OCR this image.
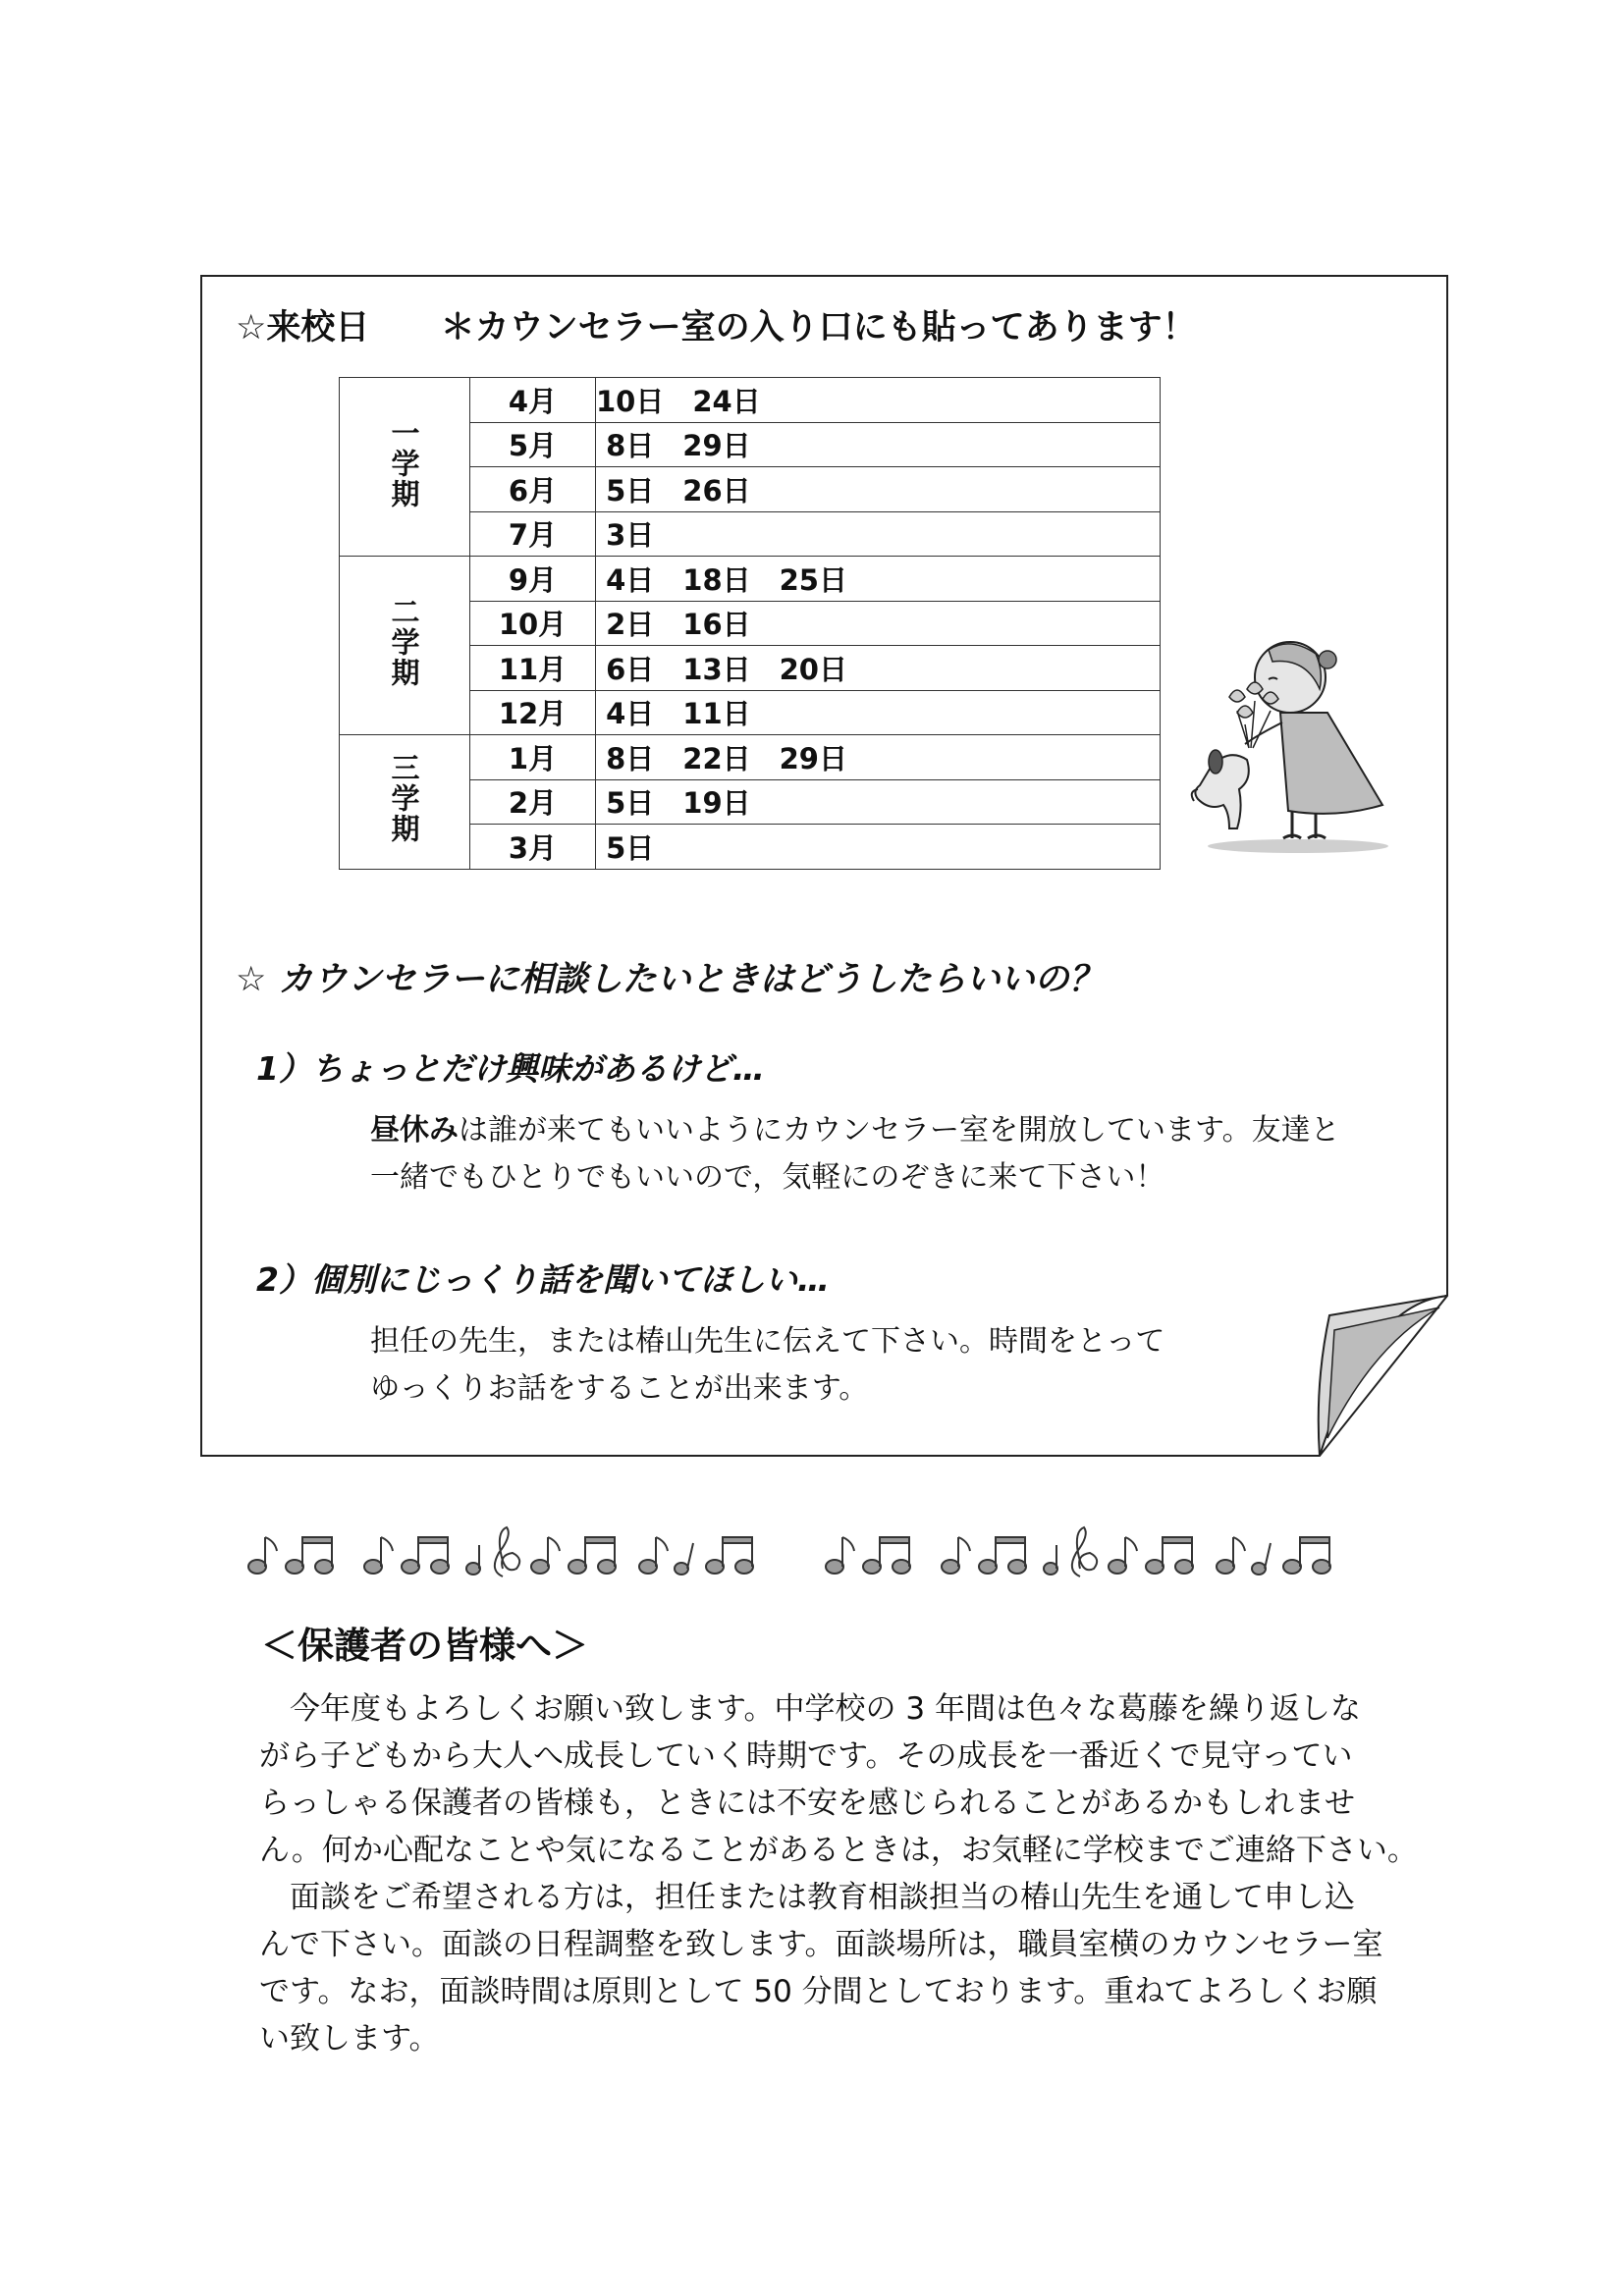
☆来校日 ＊カウンセラー室の入り口にも貼ってあります！
一学期	4月	10日　24日
	5月	8日　29日
	6月	5日　26日
	7月	3日
二学期	9月	4日　18日　25日
	10月	2日　16日
	11月	6日　13日　20日
	12月	4日　11日
三学期	1月	8日　22日　29日
	2月	5日　19日
	3月	5日
☆ カウンセラーに相談したいときはどうしたらいいの？
1）ちょっとだけ興味があるけど…
昼休みは誰が来てもいいようにカウンセラー室を開放しています。友達と
一緒でもひとりでもいいので，気軽にのぞきに来て下さい！
2）個別にじっくり話を聞いてほしい…
担任の先生，または椿山先生に伝えて下さい。時間をとって
ゆっくりお話をすることが出来ます。
＜保護者の皆様へ＞

　今年度もよろしくお願い致します。中学校の 3 年間は色々な葛藤を繰り返しな

がら子どもから大人へ成長していく時期です。その成長を一番近くで見守ってい

らっしゃる保護者の皆様も，ときには不安を感じられることがあるかもしれませ

ん。何か心配なことや気になることがあるときは，お気軽に学校までご連絡下さい。

　面談をご希望される方は，担任または教育相談担当の椿山先生を通して申し込

んで下さい。面談の日程調整を致します。面談場所は，職員室横のカウンセラー室

です。なお，面談時間は原則として 50 分間としております。重ねてよろしくお願

い致します。
